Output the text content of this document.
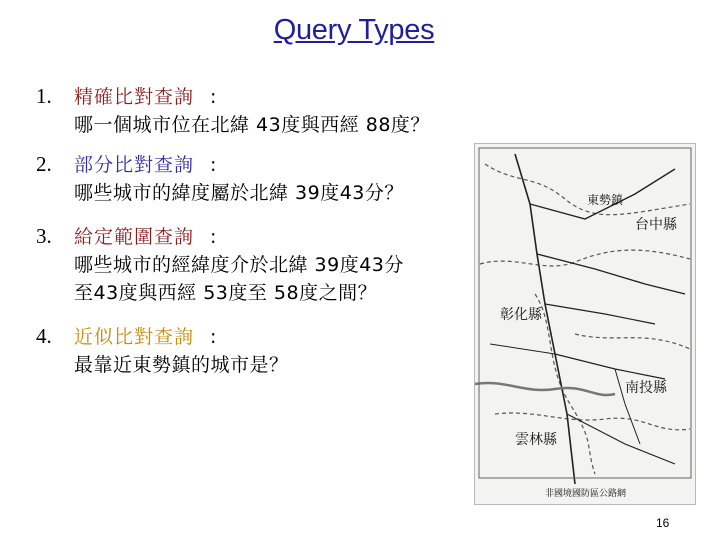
Query Types
1. 精確比對查詢 :
哪一個城市位在北緯 43度與西經 88度？
2. 部分比對查詢 :
哪些城市的緯度屬於北緯 39度43分？
3. 給定範圍查詢 :
哪些城市的經緯度介於北緯 39度43分
至43度與西經 53度至 58度之間？
4. 近似比對查詢 :
最靠近東勢鎮的城市是？
台中縣
彰化縣
南投縣
雲林縣
東勢鎮
非國境國防區公路網
16
